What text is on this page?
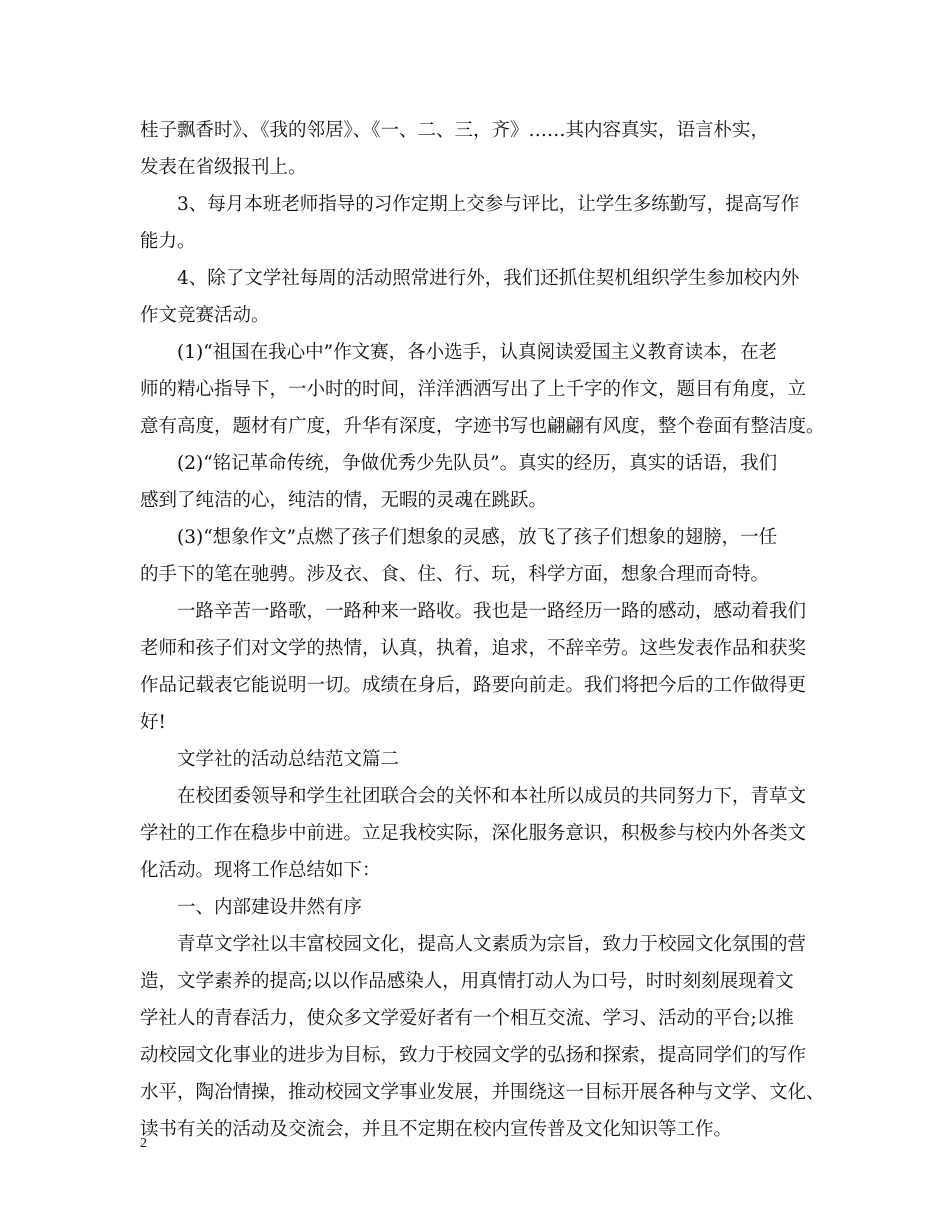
桂子飘香时》、《我的邻居》、《一、二、三，齐》……其内容真实，语言朴实，
发表在省级报刊上。
3、每月本班老师指导的习作定期上交参与评比，让学生多练勤写，提高写作
能力。
4、除了文学社每周的活动照常进行外，我们还抓住契机组织学生参加校内外
作文竞赛活动。
(1)“祖国在我心中”作文赛，各小选手，认真阅读爱国主义教育读本，在老
师的精心指导下，一小时的时间，洋洋洒洒写出了上千字的作文，题目有角度，立
意有高度，题材有广度，升华有深度，字迹书写也翩翩有风度，整个卷面有整洁度。
(2)“铭记革命传统，争做优秀少先队员”。真实的经历，真实的话语，我们
感到了纯洁的心，纯洁的情，无暇的灵魂在跳跃。
(3)“想象作文”点燃了孩子们想象的灵感，放飞了孩子们想象的翅膀，一任
的手下的笔在驰骋。涉及衣、食、住、行、玩，科学方面，想象合理而奇特。
一路辛苦一路歌，一路种来一路收。我也是一路经历一路的感动，感动着我们
老师和孩子们对文学的热情，认真，执着，追求，不辞辛劳。这些发表作品和获奖
作品记载表它能说明一切。成绩在身后，路要向前走。我们将把今后的工作做得更
好!
文学社的活动总结范文篇二
在校团委领导和学生社团联合会的关怀和本社所以成员的共同努力下，青草文
学社的工作在稳步中前进。立足我校实际，深化服务意识，积极参与校内外各类文
化活动。现将工作总结如下：
一、内部建设井然有序
青草文学社以丰富校园文化，提高人文素质为宗旨，致力于校园文化氛围的营
造，文学素养的提高;以以作品感染人，用真情打动人为口号，时时刻刻展现着文
学社人的青春活力，使众多文学爱好者有一个相互交流、学习、活动的平台;以推
动校园文化事业的进步为目标，致力于校园文学的弘扬和探索，提高同学们的写作
水平，陶冶情操，推动校园文学事业发展，并围绕这一目标开展各种与文学、文化、
读书有关的活动及交流会，并且不定期在校内宣传普及文化知识等工作。
2
